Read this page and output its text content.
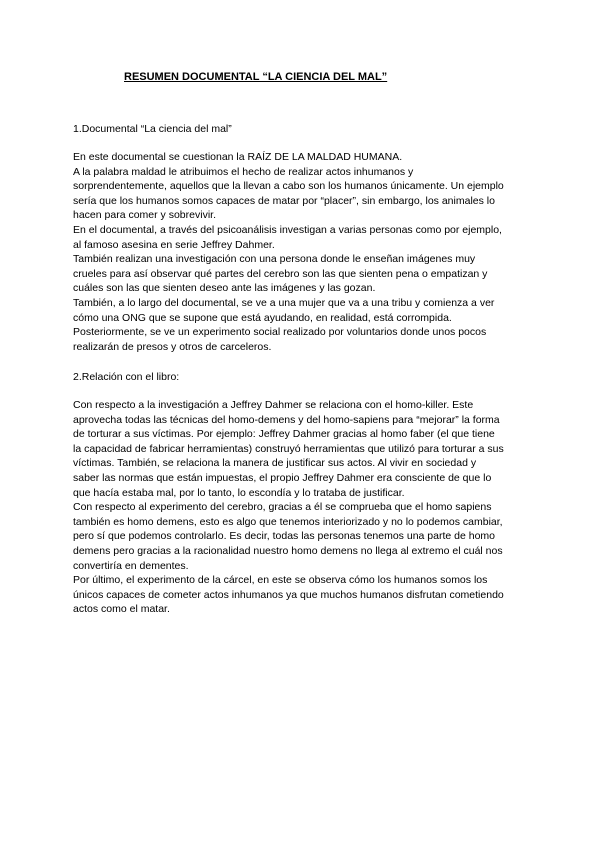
RESUMEN DOCUMENTAL “LA CIENCIA DEL MAL”

1.Documental “La ciencia del mal”

En este documental se cuestionan la RAÍZ DE LA MALDAD HUMANA.
A la palabra maldad le atribuimos el hecho de realizar actos inhumanos y
sorprendentemente, aquellos que la llevan a cabo son los humanos únicamente. Un ejemplo
sería que los humanos somos capaces de matar por “placer”, sin embargo, los animales lo
hacen para comer y sobrevivir.
En el documental, a través del psicoanálisis investigan a varias personas como por ejemplo,
al famoso asesina en serie Jeffrey Dahmer.
También realizan una investigación con una persona donde le enseñan imágenes muy
crueles para así observar qué partes del cerebro son las que sienten pena o empatizan y
cuáles son las que sienten deseo ante las imágenes y las gozan.
También, a lo largo del documental, se ve a una mujer que va a una tribu y comienza a ver
cómo una ONG que se supone que está ayudando, en realidad, está corrompida.
Posteriormente, se ve un experimento social realizado por voluntarios donde unos pocos
realizarán de presos y otros de carceleros.

2.Relación con el libro:

Con respecto a la investigación a Jeffrey Dahmer se relaciona con el homo-killer. Este
aprovecha todas las técnicas del homo-demens y del homo-sapiens para “mejorar” la forma
de torturar a sus víctimas. Por ejemplo: Jeffrey Dahmer gracias al homo faber (el que tiene
la capacidad de fabricar herramientas) construyó herramientas que utilizó para torturar a sus
víctimas. También, se relaciona la manera de justificar sus actos. Al vivir en sociedad y
saber las normas que están impuestas, el propio Jeffrey Dahmer era consciente de que lo
que hacía estaba mal, por lo tanto, lo escondía y lo trataba de justificar.
Con respecto al experimento del cerebro, gracias a él se comprueba que el homo sapiens
también es homo demens, esto es algo que tenemos interiorizado y no lo podemos cambiar,
pero sí que podemos controlarlo. Es decir, todas las personas tenemos una parte de homo
demens pero gracias a la racionalidad nuestro homo demens no llega al extremo el cuál nos
convertiría en dementes.
Por último, el experimento de la cárcel, en este se observa cómo los humanos somos los
únicos capaces de cometer actos inhumanos ya que muchos humanos disfrutan cometiendo
actos como el matar.
